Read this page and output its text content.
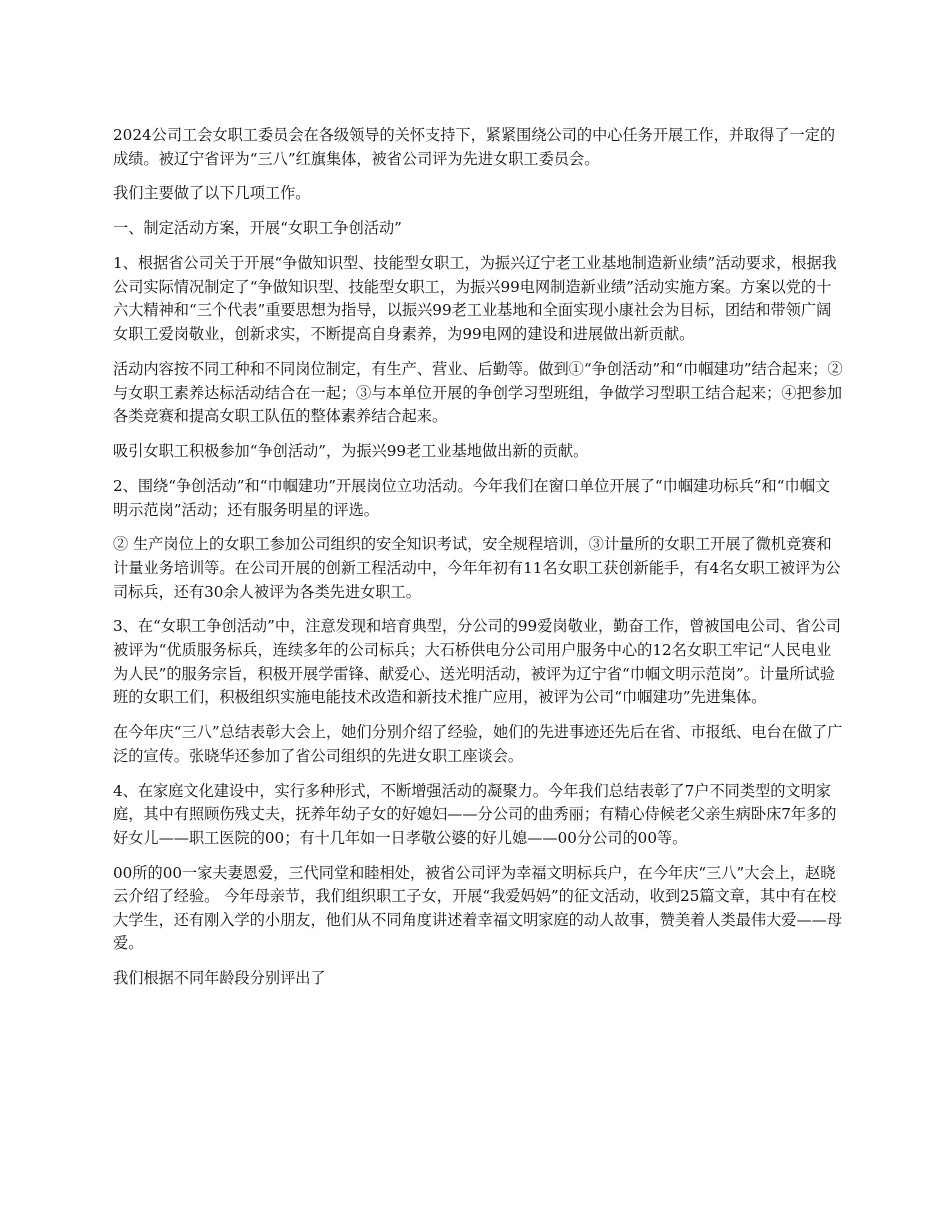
2024公司工会女职工委员会在各级领导的关怀支持下，紧紧围绕公司的中心任务开展工作，并取得了一定的成绩。被辽宁省评为“三八”红旗集体，被省公司评为先进女职工委员会。

我们主要做了以下几项工作。

一、制定活动方案，开展“女职工争创活动”

1、根据省公司关于开展“争做知识型、技能型女职工，为振兴辽宁老工业基地制造新业绩”活动要求，根据我公司实际情况制定了“争做知识型、技能型女职工，为振兴99电网制造新业绩”活动实施方案。方案以党的十六大精神和“三个代表”重要思想为指导，以振兴99老工业基地和全面实现小康社会为目标，团结和带领广阔女职工爱岗敬业，创新求实，不断提高自身素养，为99电网的建设和进展做出新贡献。

活动内容按不同工种和不同岗位制定，有生产、营业、后勤等。做到①“争创活动”和“巾帼建功”结合起来；②与女职工素养达标活动结合在一起；③与本单位开展的争创学习型班组，争做学习型职工结合起来；④把参加各类竞赛和提高女职工队伍的整体素养结合起来。

吸引女职工积极参加“争创活动”，为振兴99老工业基地做出新的贡献。

2、围绕“争创活动”和“巾帼建功”开展岗位立功活动。今年我们在窗口单位开展了“巾帼建功标兵”和“巾帼文明示范岗”活动；还有服务明星的评选。

② 生产岗位上的女职工参加公司组织的安全知识考试，安全规程培训，③计量所的女职工开展了微机竞赛和计量业务培训等。在公司开展的创新工程活动中，今年年初有11名女职工获创新能手，有4名女职工被评为公司标兵，还有30余人被评为各类先进女职工。

3、在“女职工争创活动”中，注意发现和培育典型，分公司的99爱岗敬业，勤奋工作，曾被国电公司、省公司被评为“优质服务标兵，连续多年的公司标兵；大石桥供电分公司用户服务中心的12名女职工牢记“人民电业为人民”的服务宗旨，积极开展学雷锋、献爱心、送光明活动，被评为辽宁省“巾帼文明示范岗”。计量所试验班的女职工们，积极组织实施电能技术改造和新技术推广应用，被评为公司“巾帼建功”先进集体。

在今年庆“三八”总结表彰大会上，她们分别介绍了经验，她们的先进事迹还先后在省、市报纸、电台在做了广泛的宣传。张晓华还参加了省公司组织的先进女职工座谈会。

4、在家庭文化建设中，实行多种形式，不断增强活动的凝聚力。今年我们总结表彰了7户不同类型的文明家庭，其中有照顾伤残丈夫，抚养年幼子女的好媳妇——分公司的曲秀丽；有精心侍候老父亲生病卧床7年多的好女儿——职工医院的00；有十几年如一日孝敬公婆的好儿媳——00分公司的00等。

00所的00一家夫妻恩爱，三代同堂和睦相处，被省公司评为幸福文明标兵户，在今年庆“三八”大会上，赵晓云介绍了经验。 今年母亲节，我们组织职工子女，开展“我爱妈妈”的征文活动，收到25篇文章，其中有在校大学生，还有刚入学的小朋友，他们从不同角度讲述着幸福文明家庭的动人故事，赞美着人类最伟大爱——母爱。

我们根据不同年龄段分别评出了
